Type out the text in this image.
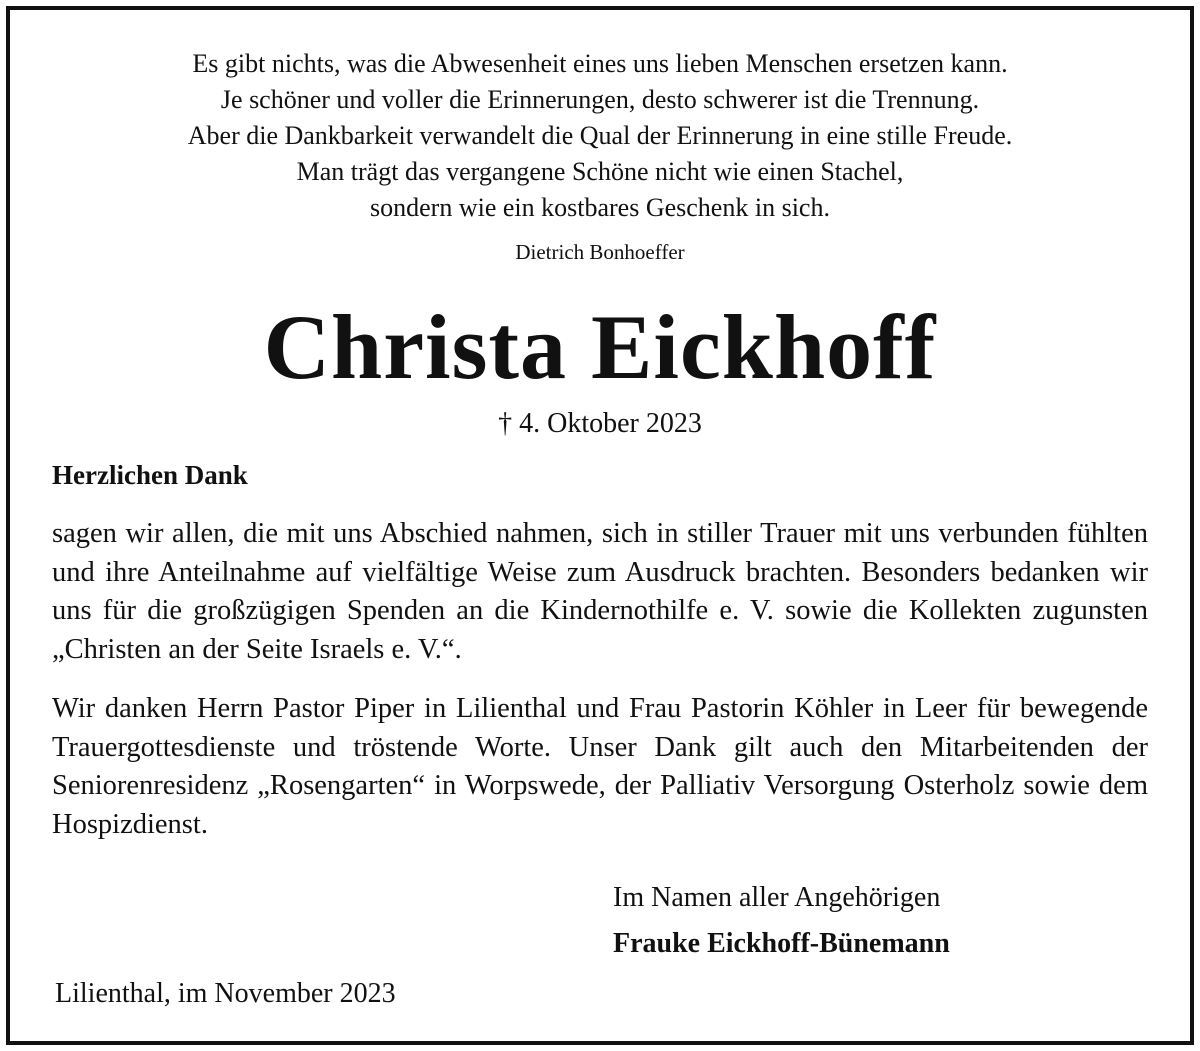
Es gibt nichts, was die Abwesenheit eines uns lieben Menschen ersetzen kann.
Je schöner und voller die Erinnerungen, desto schwerer ist die Trennung.
Aber die Dankbarkeit verwandelt die Qual der Erinnerung in eine stille Freude.
Man trägt das vergangene Schöne nicht wie einen Stachel,
sondern wie ein kostbares Geschenk in sich.
Dietrich Bonhoeffer
Christa Eickhoff
† 4. Oktober 2023
Herzlichen Dank
sagen wir allen, die mit uns Abschied nahmen, sich in stiller Trauer mit uns verbunden fühlten und ihre Anteilnahme auf vielfältige Weise zum Ausdruck brachten. Besonders bedanken wir uns für die großzügigen Spenden an die Kindernothilfe e. V. sowie die Kollekten zugunsten „Christen an der Seite Israels e. V.“.
Wir danken Herrn Pastor Piper in Lilienthal und Frau Pastorin Köhler in Leer für bewegende Trauergottesdienste und tröstende Worte. Unser Dank gilt auch den Mitarbeitenden der Seniorenresidenz „Rosengarten“ in Worpswede, der Palliativ Versorgung Osterholz sowie dem Hospizdienst.
Im Namen aller Angehörigen
Frauke Eickhoff-Bünemann
Lilienthal, im November 2023
